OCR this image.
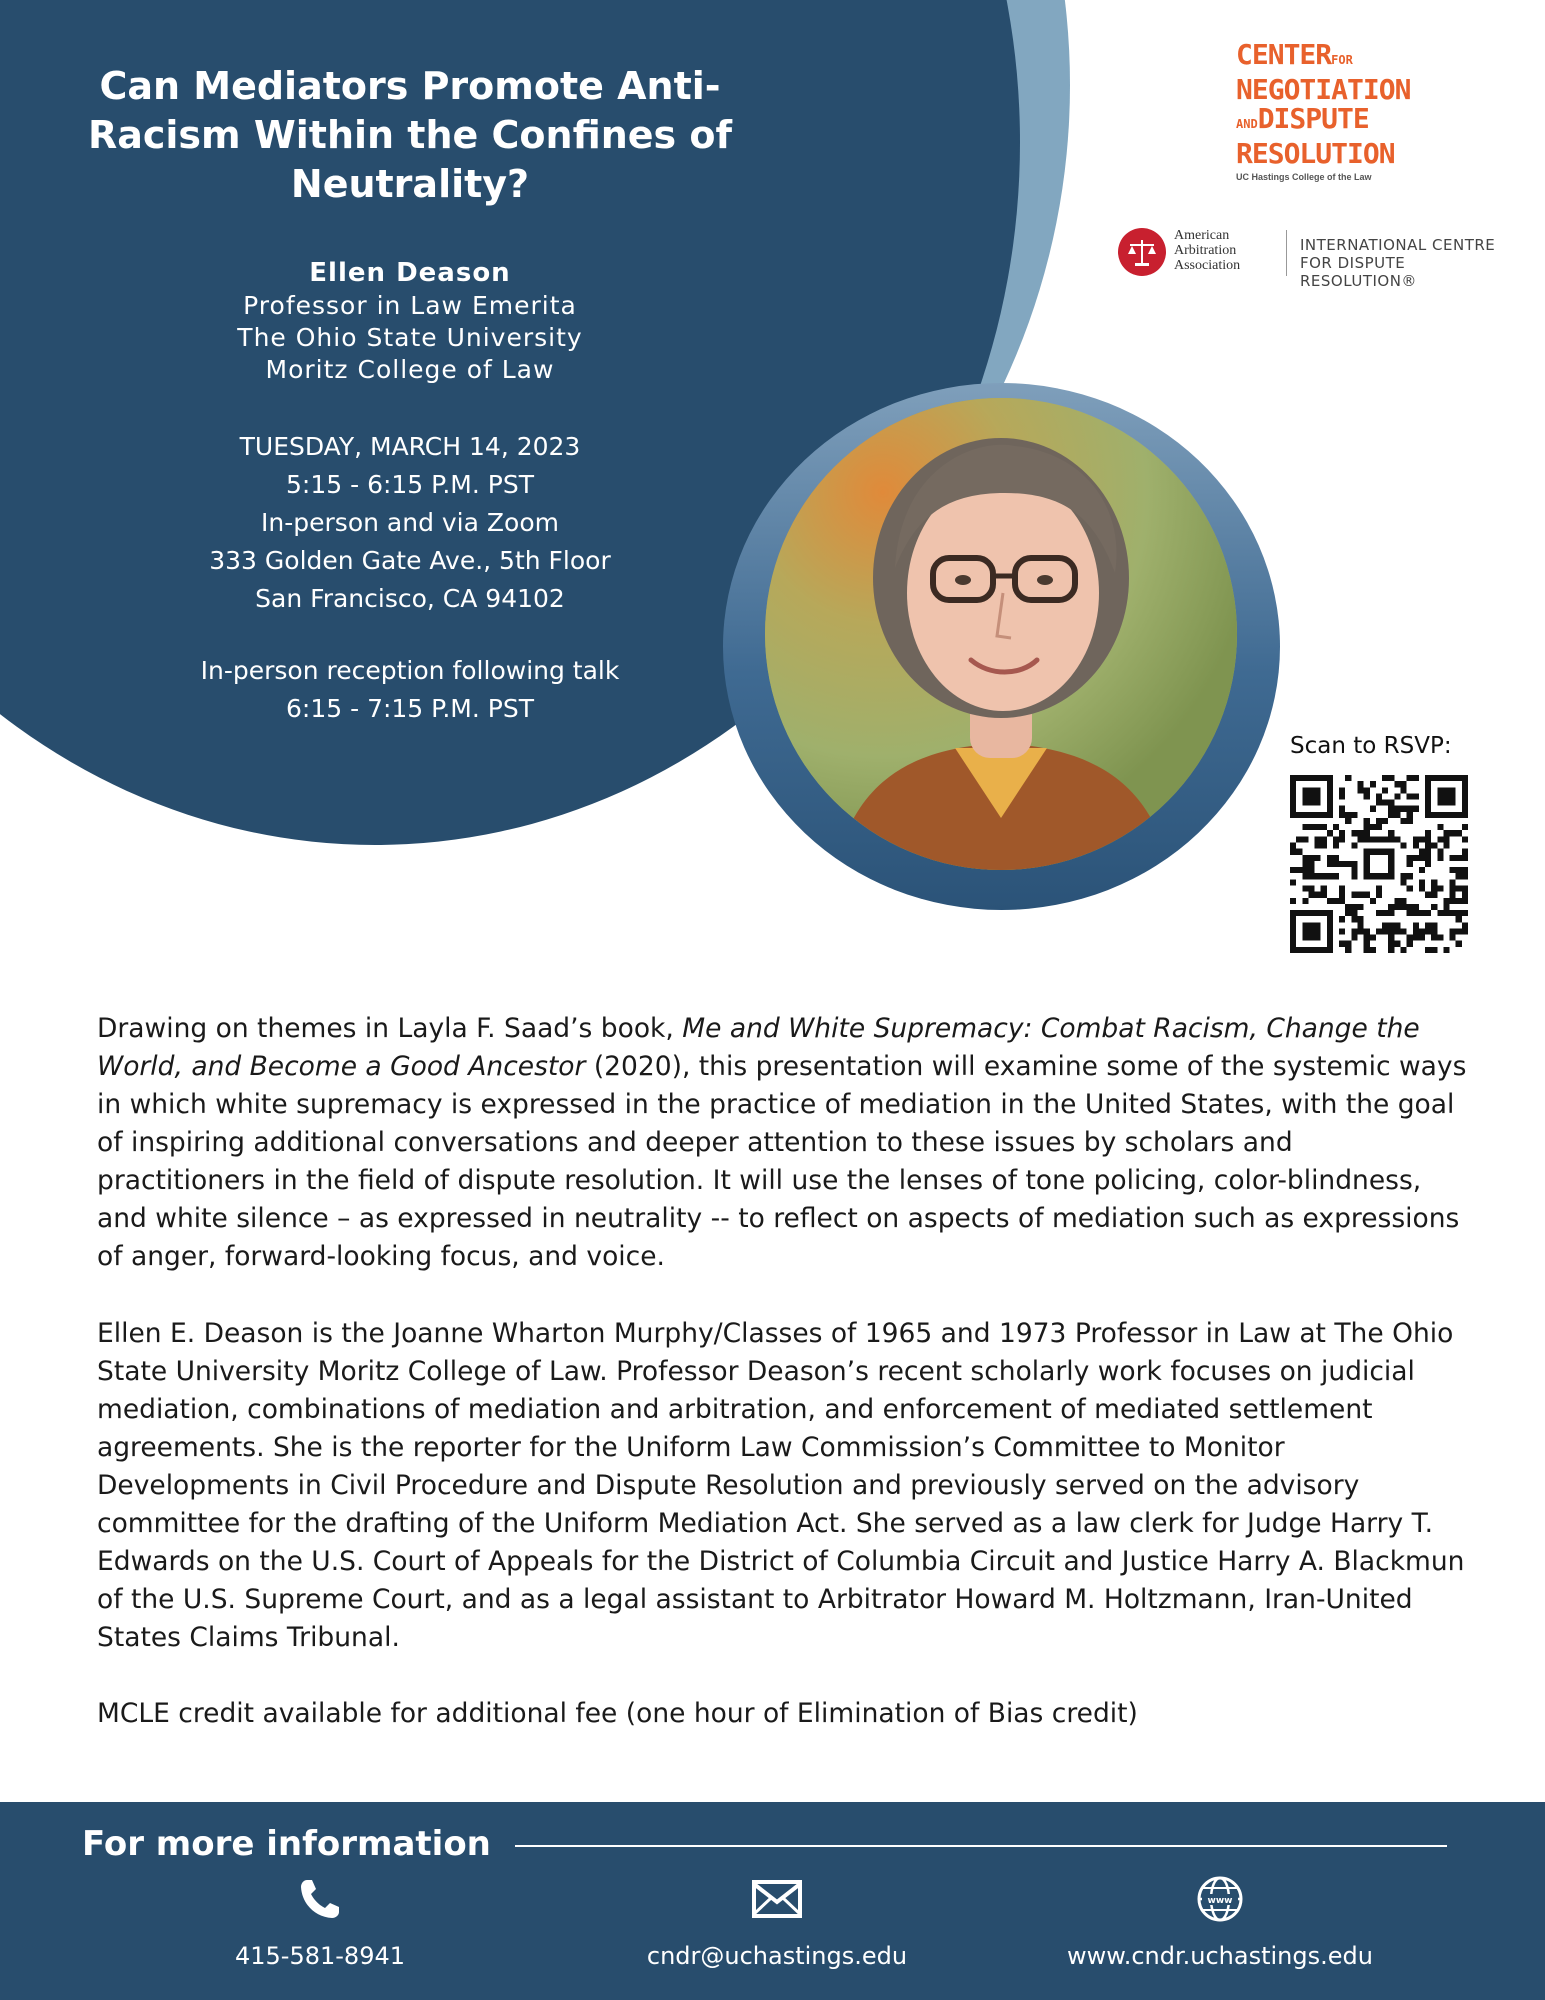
Can Mediators Promote Anti-Racism Within the Confines of Neutrality?
Ellen Deason
Professor in Law Emerita
The Ohio State University
Moritz College of Law
TUESDAY, MARCH 14, 2023
5:15 - 6:15 P.M. PST
In-person and via Zoom
333 Golden Gate Ave., 5th Floor
San Francisco, CA 94102
In-person reception following talk
6:15 - 7:15 P.M. PST
CENTERFOR
NEGOTIATION
ANDDISPUTE
RESOLUTION
UC Hastings College of the Law
American
Arbitration
Association
INTERNATIONAL CENTRE
FOR DISPUTE RESOLUTION®
Scan to RSVP:
Drawing on themes in Layla F. Saad’s book, Me and White Supremacy: Combat Racism, Change the World, and Become a Good Ancestor (2020), this presentation will examine some of the systemic ways in which white supremacy is expressed in the practice of mediation in the United States, with the goal of inspiring additional conversations and deeper attention to these issues by scholars and practitioners in the field of dispute resolution. It will use the lenses of tone policing, color-blindness, and white silence – as expressed in neutrality -- to reflect on aspects of mediation such as expressions of anger, forward-looking focus, and voice.
Ellen E. Deason is the Joanne Wharton Murphy/Classes of 1965 and 1973 Professor in Law at The Ohio State University Moritz College of Law. Professor Deason’s recent scholarly work focuses on judicial mediation, combinations of mediation and arbitration, and enforcement of mediated settlement agreements. She is the reporter for the Uniform Law Commission’s Committee to Monitor Developments in Civil Procedure and Dispute Resolution and previously served on the advisory committee for the drafting of the Uniform Mediation Act. She served as a law clerk for Judge Harry T. Edwards on the U.S. Court of Appeals for the District of Columbia Circuit and Justice Harry A. Blackmun of the U.S. Supreme Court, and as a legal assistant to Arbitrator Howard M. Holtzmann, Iran-United States Claims Tribunal.
MCLE credit available for additional fee (one hour of Elimination of Bias credit)
For more information
415-581-8941	cndr@uchastings.edu
www
www.cndr.uchastings.edu
